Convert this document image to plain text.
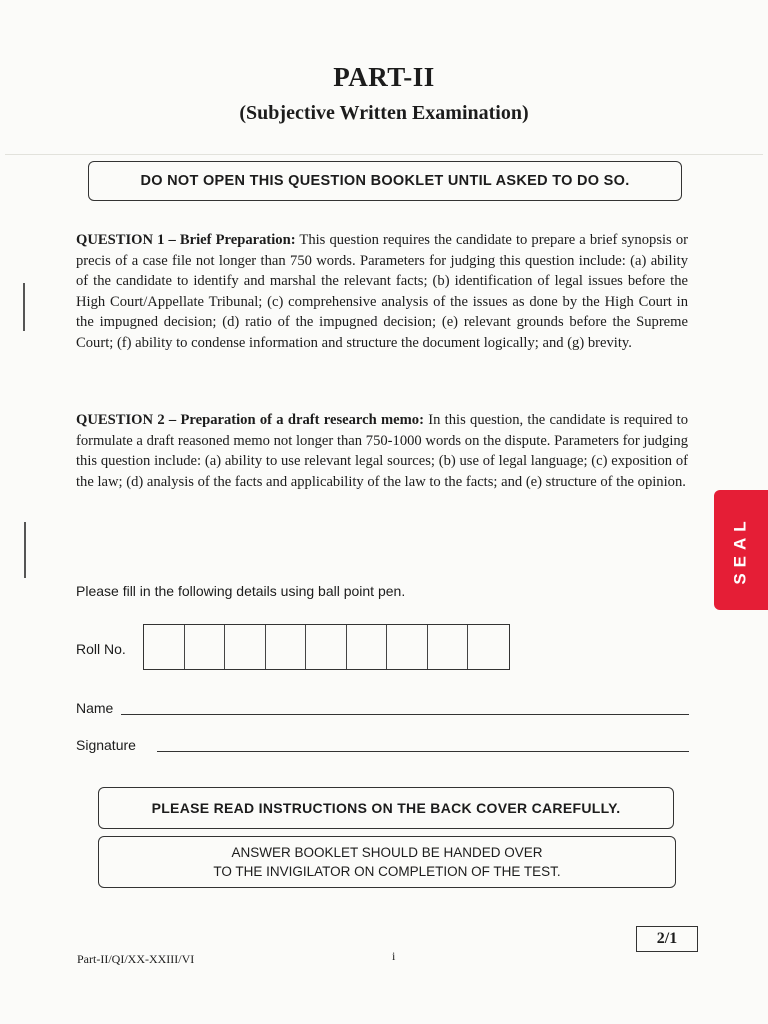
PART-II
(Subjective Written Examination)
DO NOT OPEN THIS QUESTION BOOKLET UNTIL ASKED TO DO SO.
QUESTION 1 – Brief Preparation: This question requires the candidate to prepare a brief synopsis or precis of a case file not longer than 750 words. Parameters for judging this question include: (a) ability of the candidate to identify and marshal the relevant facts; (b) identification of legal issues before the High Court/Appellate Tribunal; (c) comprehensive analysis of the issues as done by the High Court in the impugned decision; (d) ratio of the impugned decision; (e) relevant grounds before the Supreme Court; (f) ability to condense information and structure the document logically; and (g) brevity.
QUESTION 2 – Preparation of a draft research memo: In this question, the candidate is required to formulate a draft reasoned memo not longer than 750-1000 words on the dispute. Parameters for judging this question include: (a) ability to use relevant legal sources; (b) use of legal language; (c) exposition of the law; (d) analysis of the facts and applicability of the law to the facts; and (e) structure of the opinion.
SEAL
Please fill in the following details using ball point pen.
Roll No.
Name
Signature
PLEASE READ INSTRUCTIONS ON THE BACK COVER CAREFULLY.
ANSWER BOOKLET SHOULD BE HANDED OVER
TO THE INVIGILATOR ON COMPLETION OF THE TEST.
2/1
Part-II/QI/XX-XXIII/VI	i
